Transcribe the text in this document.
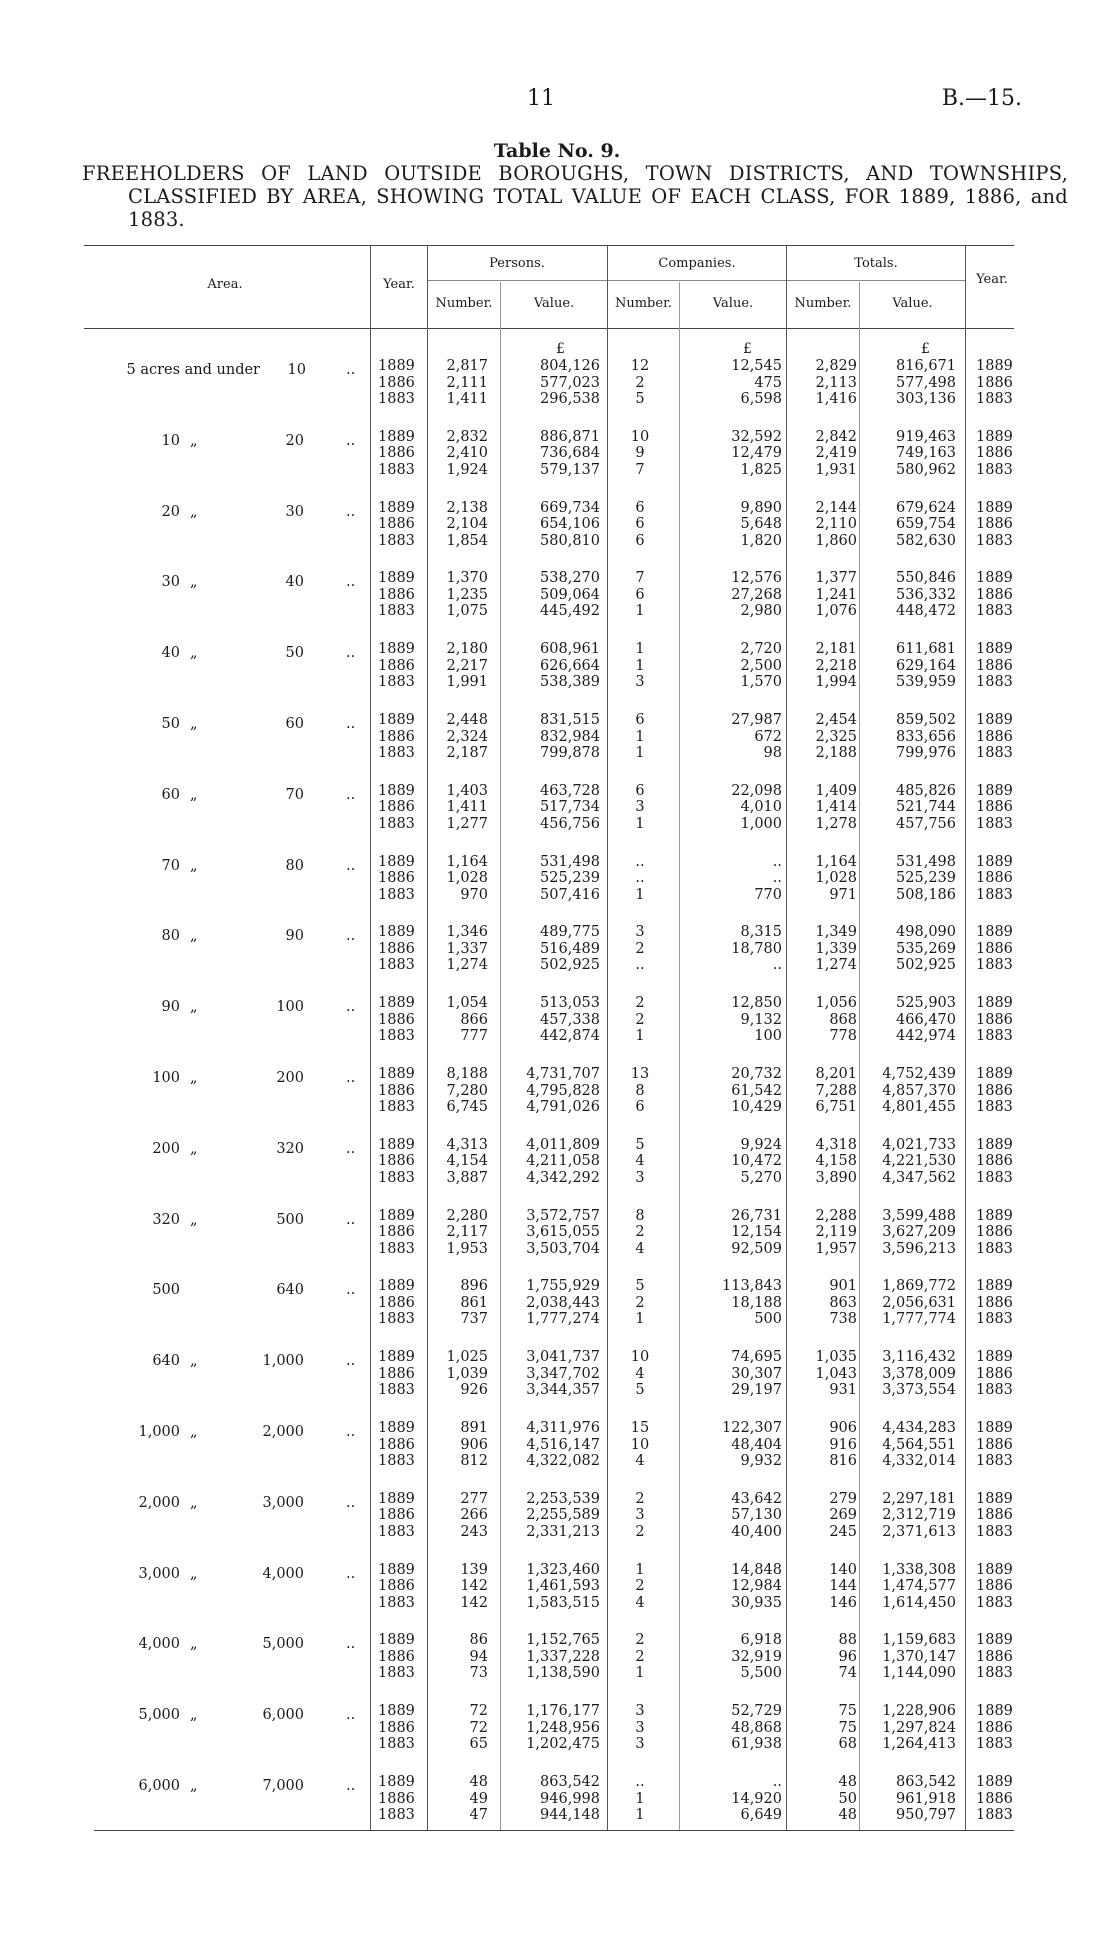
11	B.—15.
Table No. 9.
FREEHOLDERS OF LAND OUTSIDE BOROUGHS, TOWN DISTRICTS, AND TOWNSHIPS, CLASSIFIED BY AREA, SHOWING TOTAL VALUE OF EACH CLASS, FOR 1889, 1886, and 1883.
Area.	Year.
Persons.	Companies.	Totals.
Year.
Number.	Value.	Number.	Value.	Number.	Value.
£	£	£
5 acres and under	10	.. 1889	2,817	804,126	12	12,545	2,829	816,671 1889
1886	2,111	577,023	2	475	2,113	577,498 1886
1883	1,411	296,538	5	6,598	1,416	303,136 1883
10 „	20	.. 1889	2,832	886,871	10	32,592	2,842	919,463 1889
1886	2,410	736,684	9	12,479	2,419	749,163 1886
1883	1,924	579,137	7	1,825	1,931	580,962 1883
20 „	30	.. 1889	2,138	669,734	6	9,890	2,144	679,624 1889
1886	2,104	654,106	6	5,648	2,110	659,754 1886
1883	1,854	580,810	6	1,820	1,860	582,630 1883
30 „	40	.. 1889	1,370	538,270	7	12,576	1,377	550,846 1889
1886	1,235	509,064	6	27,268	1,241	536,332 1886
1883	1,075	445,492	1	2,980	1,076	448,472 1883
40 „	50	.. 1889	2,180	608,961	1	2,720	2,181	611,681 1889
1886	2,217	626,664	1	2,500	2,218	629,164 1886
1883	1,991	538,389	3	1,570	1,994	539,959 1883
50 „	60	.. 1889	2,448	831,515	6	27,987	2,454	859,502 1889
1886	2,324	832,984	1	672	2,325	833,656 1886
1883	2,187	799,878	1	98	2,188	799,976 1883
60 „	70	.. 1889	1,403	463,728	6	22,098	1,409	485,826 1889
1886	1,411	517,734	3	4,010	1,414	521,744 1886
1883	1,277	456,756	1	1,000	1,278	457,756 1883
70 „	80	.. 1889	1,164	531,498	..	..	1,164	531,498 1889
1886	1,028	525,239	..	..	1,028	525,239 1886
1883	970	507,416	1	770	971	508,186 1883
80 „	90	.. 1889	1,346	489,775	3	8,315	1,349	498,090 1889
1886	1,337	516,489	2	18,780	1,339	535,269 1886
1883	1,274	502,925	..	..	1,274	502,925 1883
90 „	100	.. 1889	1,054	513,053	2	12,850	1,056	525,903 1889
1886	866	457,338	2	9,132	868	466,470 1886
1883	777	442,874	1	100	778	442,974 1883
100 „	200	.. 1889	8,188	4,731,707	13	20,732	8,201	4,752,439 1889
1886	7,280	4,795,828	8	61,542	7,288	4,857,370 1886
1883	6,745	4,791,026	6	10,429	6,751	4,801,455 1883
200 „	320	.. 1889	4,313	4,011,809	5	9,924	4,318	4,021,733 1889
1886	4,154	4,211,058	4	10,472	4,158	4,221,530 1886
1883	3,887	4,342,292	3	5,270	3,890	4,347,562 1883
320 „	500	.. 1889	2,280	3,572,757	8	26,731	2,288	3,599,488 1889
1886	2,117	3,615,055	2	12,154	2,119	3,627,209 1886
1883	1,953	3,503,704	4	92,509	1,957	3,596,213 1883
500	640	.. 1889	896	1,755,929	5	113,843	901	1,869,772 1889
1886	861	2,038,443	2	18,188	863	2,056,631 1886
1883	737	1,777,274	1	500	738	1,777,774 1883
640 „	1,000	.. 1889	1,025	3,041,737	10	74,695	1,035	3,116,432 1889
1886	1,039	3,347,702	4	30,307	1,043	3,378,009 1886
1883	926	3,344,357	5	29,197	931	3,373,554 1883
1,000 „	2,000	.. 1889	891	4,311,976	15	122,307	906	4,434,283 1889
1886	906	4,516,147	10	48,404	916	4,564,551 1886
1883	812	4,322,082	4	9,932	816	4,332,014 1883
2,000 „	3,000	.. 1889	277	2,253,539	2	43,642	279	2,297,181 1889
1886	266	2,255,589	3	57,130	269	2,312,719 1886
1883	243	2,331,213	2	40,400	245	2,371,613 1883
3,000 „	4,000	.. 1889	139	1,323,460	1	14,848	140	1,338,308 1889
1886	142	1,461,593	2	12,984	144	1,474,577 1886
1883	142	1,583,515	4	30,935	146	1,614,450 1883
4,000 „	5,000	.. 1889	86	1,152,765	2	6,918	88	1,159,683 1889
1886	94	1,337,228	2	32,919	96	1,370,147 1886
1883	73	1,138,590	1	5,500	74	1,144,090 1883
5,000 „	6,000	.. 1889	72	1,176,177	3	52,729	75	1,228,906 1889
1886	72	1,248,956	3	48,868	75	1,297,824 1886
1883	65	1,202,475	3	61,938	68	1,264,413 1883
6,000 „	7,000	.. 1889	48	863,542	..	..	48	863,542 1889
1886	49	946,998	1	14,920	50	961,918 1886
1883	47	944,148	1	6,649	48	950,797 1883
